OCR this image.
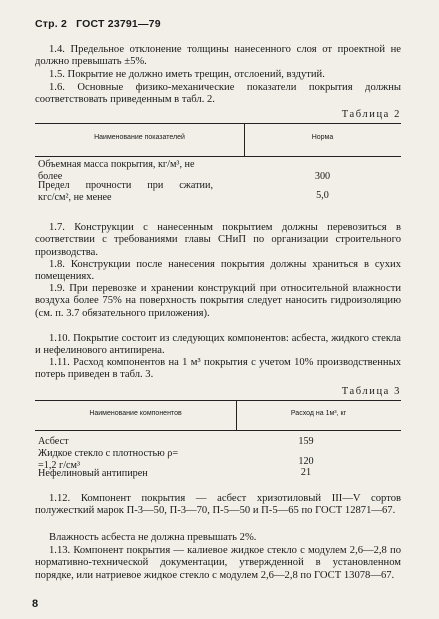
Стр. 2 ГОСТ 23791—79

1.4. Предельное отклонение толщины нанесенного слоя от проектной не должно превышать ±5%.

1.5. Покрытие не должно иметь трещин, отслоений, вздутий.

1.6. Основные физико-механические показатели покрытия должны соответствовать приведенным в табл. 2.

Таблица 2
Наименование показателей	Норма
Объемная масса покрытия, кг/м³, не
более	300
Предел прочности при сжатии,
кгс/см², не менее	5,0

1.7. Конструкции с нанесенным покрытием должны перевозиться в соответствии с требованиями главы СНиП по организации строительного производства.

1.8. Конструкции после нанесения покрытия должны храниться в сухих помещениях.

1.9. При перевозке и хранении конструкций при относительной влажности воздуха более 75% на поверхность покрытия следует наносить гидроизоляцию (см. п. 3.7 обязательного приложения).

1.10. Покрытие состоит из следующих компонентов: асбеста, жидкого стекла и нефелинового антипирена.

1.11. Расход компонентов на 1 м³ покрытия с учетом 10% производственных потерь приведен в табл. 3.

Таблица 3
Наименование компонентов	Расход на 1м³, кг
Асбест	159
Жидкое стекло с плотностью ρ=
=1,2 г/см³	120
Нефелиновый антипирен	21

1.12. Компонент покрытия — асбест хризотиловый III—V сортов полужесткий марок П-3—50, П-3—70, П-5—50 и П-5—65 по ГОСТ 12871—67.

Влажность асбеста не должна превышать 2%.

1.13. Компонент покрытия — калиевое жидкое стекло с модулем 2,6—2,8 по нормативно-технической документации, утвержденной в установленном порядке, или натриевое жидкое стекло с модулем 2,6—2,8 по ГОСТ 13078—67.

8
